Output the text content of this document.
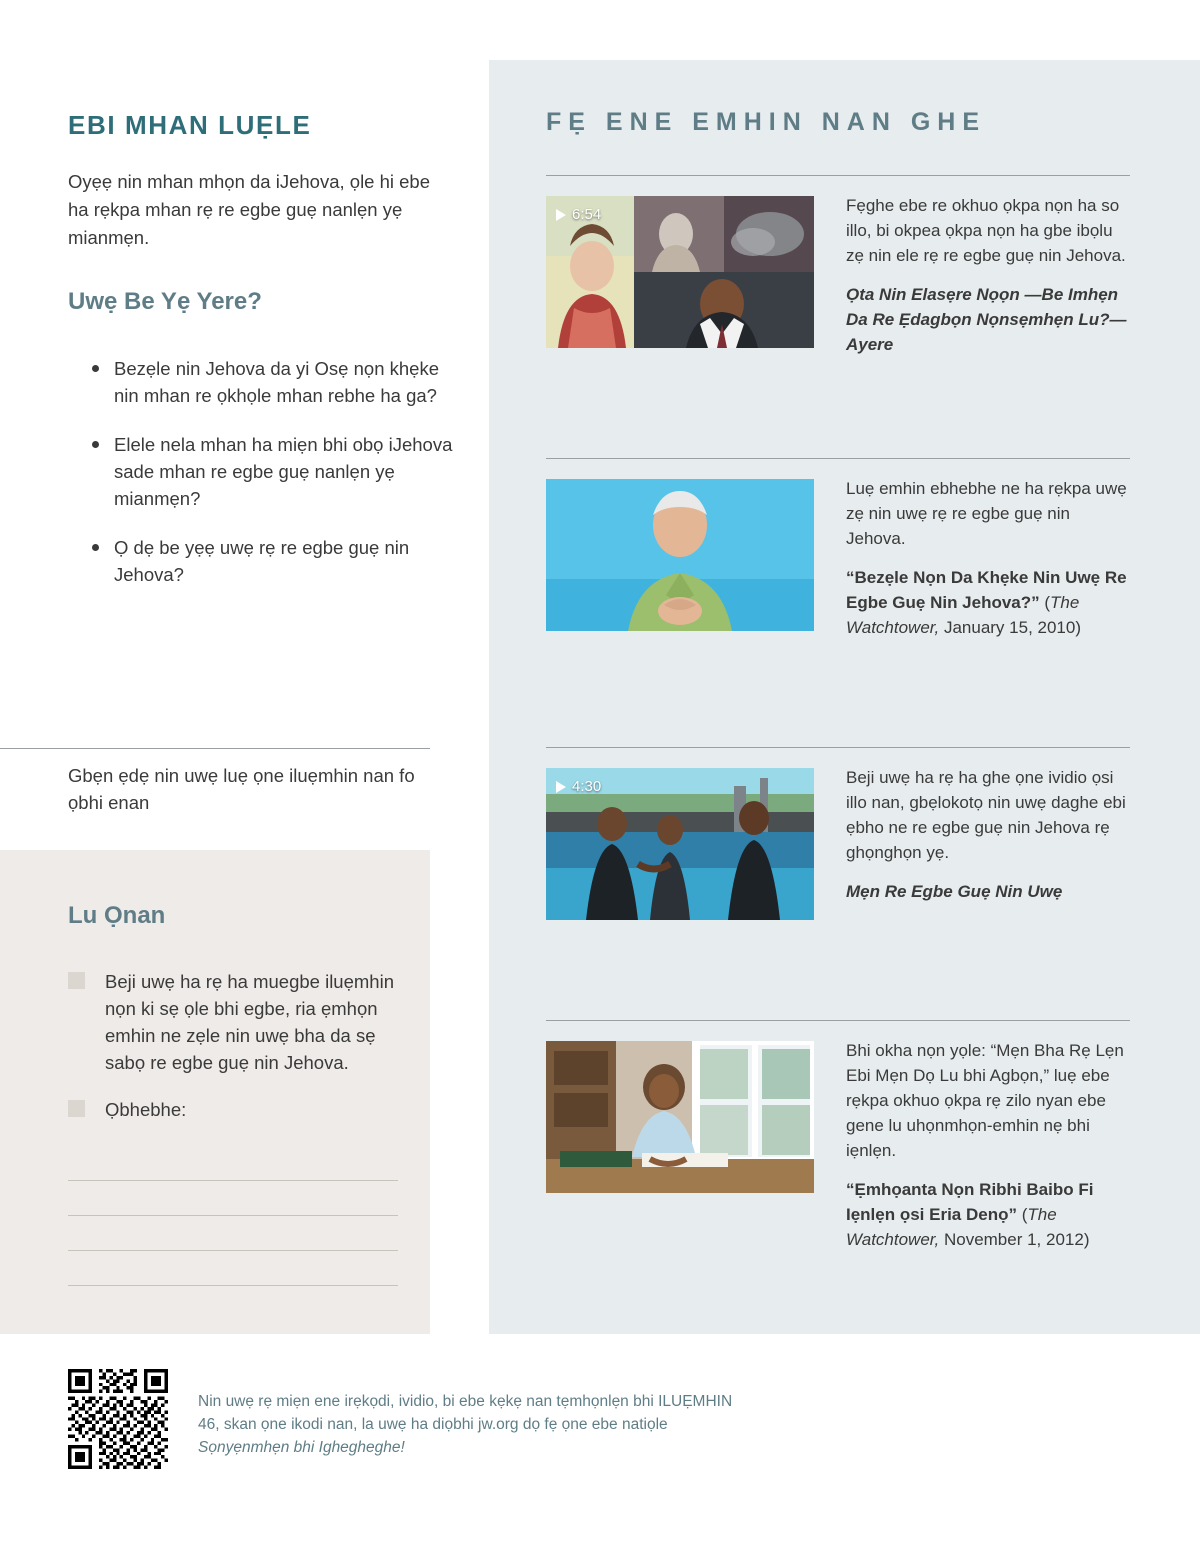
EBI MHAN LUẸLE
Oyẹẹ nin mhan mhọn da iJehova, ọle hi ebe ha rẹkpa mhan rẹ re egbe guẹ nanlẹn yẹ mianmẹn.
Uwẹ Be Yẹ Yere?
Bezẹle nin Jehova da yi Osẹ nọn khẹke nin mhan re ọkhọle mhan rebhe ha ga?
Elele nela mhan ha miẹn bhi obọ iJehova sade mhan re egbe guẹ nanlẹn yẹ mianmẹn?
Ọ dẹ be yẹẹ uwẹ rẹ re egbe guẹ nin Jehova?
Gbẹn ẹdẹ nin uwẹ luẹ ọne iluẹmhin nan fo ọbhi enan
Lu Ọnan
Beji uwẹ ha rẹ ha muegbe iluẹmhin nọn ki sẹ ọle bhi egbe, ria ẹmhọn emhin ne zẹle nin uwẹ bha da sẹ sabọ re egbe guẹ nin Jehova.
Ọbhebhe:
FẸ ENE EMHIN NAN GHE
6:54	Fẹghe ebe re okhuo ọkpa nọn ha so illo, bi okpea ọkpa nọn ha gbe ibọlu zẹ nin ele rẹ re egbe guẹ nin Jehova.
Ọta Nin Elasẹre Nọọn —Be Imhẹn Da Re Ẹdagbọn Nọnsẹmhẹn Lu?—Ayere
Luẹ emhin ebhebhe ne ha rẹkpa uwẹ zẹ nin uwẹ rẹ re egbe guẹ nin Jehova.
“Bezẹle Nọn Da Khẹke Nin Uwẹ Re Egbe Guẹ Nin Jehova?” (The Watchtower, January 15, 2010)
4:30	Beji uwẹ ha rẹ ha ghe ọne ividio ọsi illo nan, gbẹlokotọ nin uwẹ daghe ebi ẹbho ne re egbe guẹ nin Jehova rẹ ghọnghọn yẹ.
Mẹn Re Egbe Guẹ Nin Uwẹ
Bhi okha nọn yọle: “Mẹn Bha Rẹ Lẹn Ebi Mẹn Dọ Lu bhi Agbọn,” luẹ ebe rẹkpa okhuo ọkpa rẹ zilo nyan ebe gene lu uhọnmhọn-emhin nẹ bhi iẹnlẹn.
“Ẹmhọanta Nọn Ribhi Baibo Fi Iẹnlẹn ọsi Eria Denọ” (The Watchtower, November 1, 2012)
Nin uwẹ rẹ miẹn ene irẹkọdi, ividio, bi ebe kẹkẹ nan tẹmhọnlẹn bhi ILUẸMHIN 46, skan ọne ikodi nan, la uwẹ ha diọbhi jw.org dọ fẹ ọne ebe natiọle Sọnyẹnmhẹn bhi Ighegheghe!
